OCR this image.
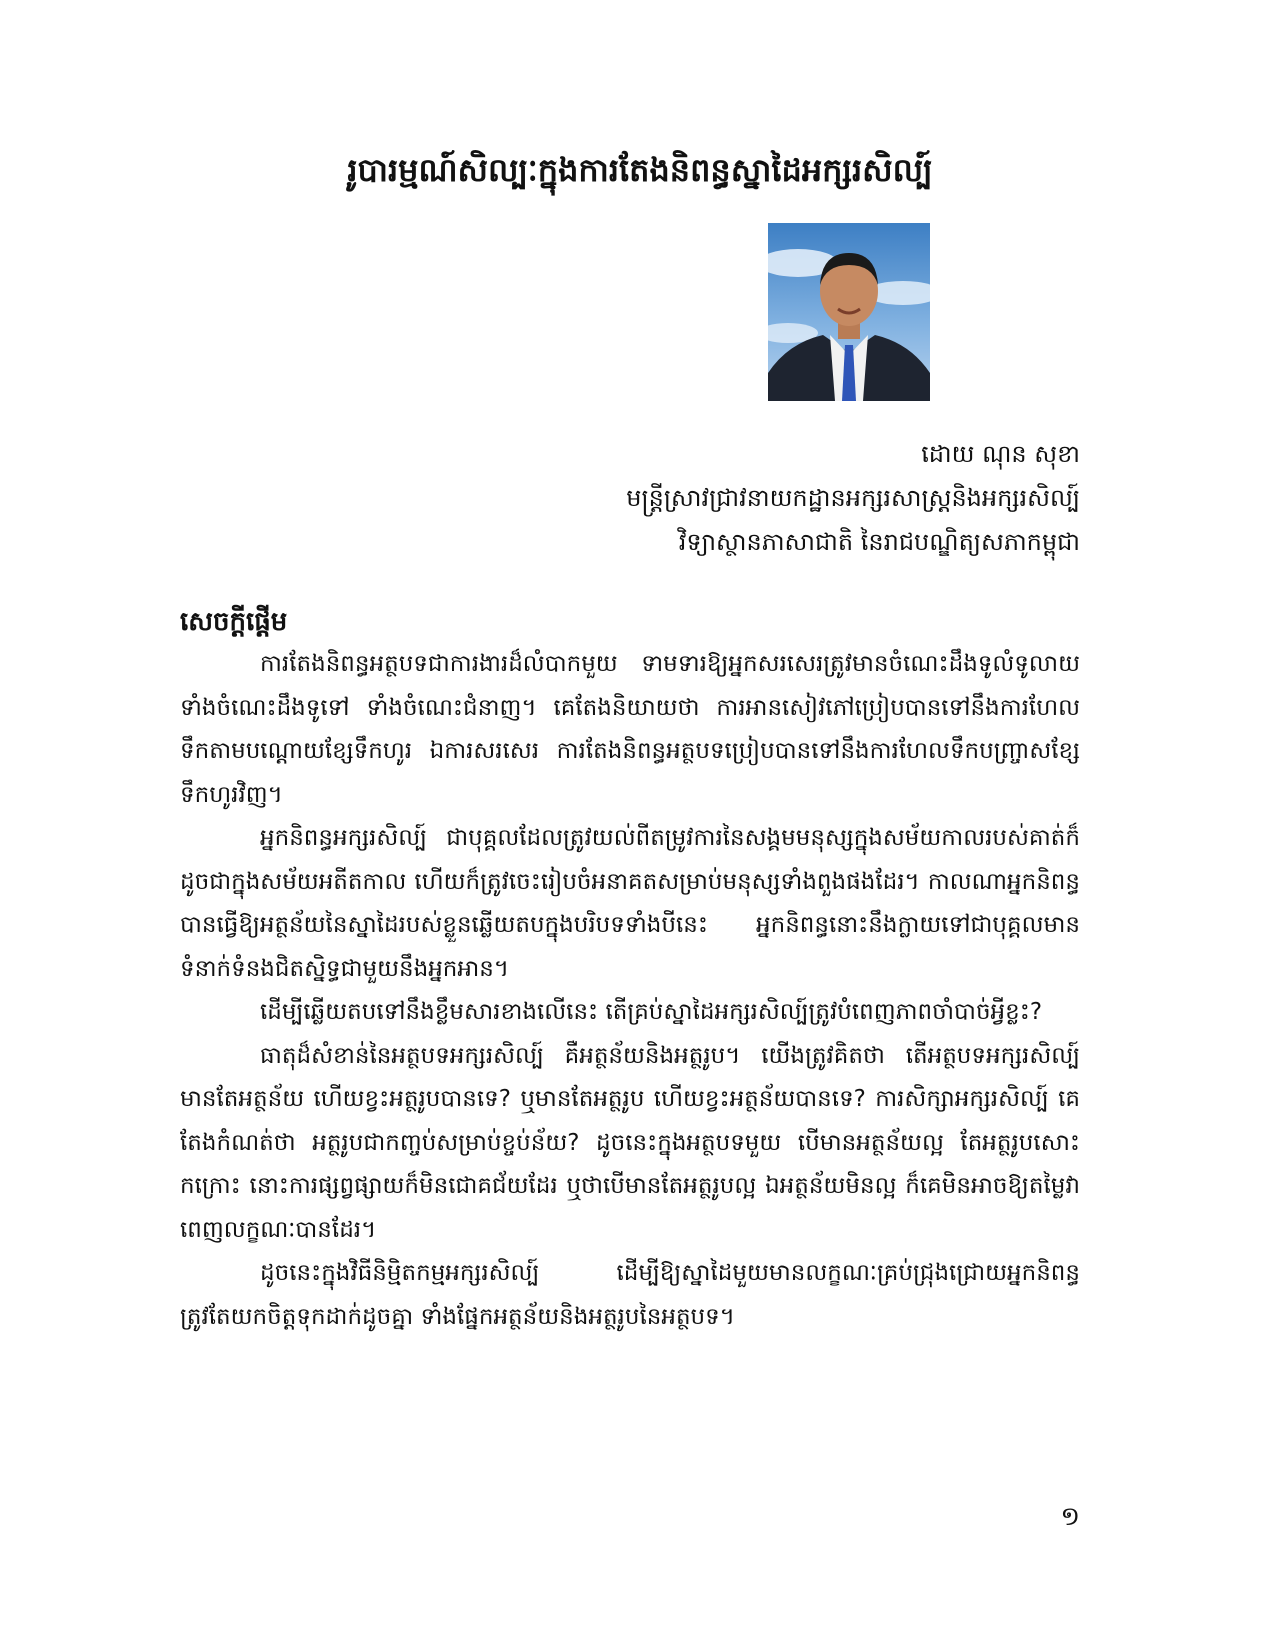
រូបារម្មណ៍សិល្បៈក្នុងការតែងនិពន្ធស្នាដៃអក្សរសិល្ប៍
ដោយ ណុន សុខា
មន្ត្រីស្រាវជ្រាវនាយកដ្ឋានអក្សរសាស្ត្រនិងអក្សរសិល្ប៍
វិទ្យាស្ថានភាសាជាតិ នៃរាជបណ្ឌិត្យសភាកម្ពុជា
សេចក្ដីផ្ដើម

ការតែងនិពន្ធអត្ថបទជាការងារដ៏លំបាកមួយ ទាមទារឱ្យអ្នកសរសេរត្រូវមានចំណេះដឹងទូលំទូលាយទាំងចំណេះដឹងទូទៅ ទាំងចំណេះជំនាញ។ គេតែងនិយាយថា ការអានសៀវភៅប្រៀបបានទៅនឹងការហែលទឹកតាមបណ្ដោយខ្សែទឹកហូរ ឯការសរសេរ ការតែងនិពន្ធអត្ថបទប្រៀបបានទៅនឹងការហែលទឹកបញ្ច្រាសខ្សែទឹកហូរវិញ។

អ្នកនិពន្ធអក្សរសិល្ប៍ ជាបុគ្គលដែលត្រូវយល់ពីតម្រូវការនៃសង្គមមនុស្សក្នុងសម័យកាលរបស់គាត់ក៏ដូចជាក្នុងសម័យអតីតកាល ហើយក៏ត្រូវចេះរៀបចំអនាគតសម្រាប់មនុស្សទាំងពួងផងដែរ។ កាលណាអ្នកនិពន្ធបានធ្វើឱ្យអត្ថន័យនៃស្នាដៃរបស់ខ្លួនឆ្លើយតបក្នុងបរិបទទាំងបីនេះ អ្នកនិពន្ធនោះនឹងក្លាយទៅជាបុគ្គលមានទំនាក់ទំនងជិតស្និទ្ធជាមួយនឹងអ្នកអាន។

ដើម្បីឆ្លើយតបទៅនឹងខ្លឹមសារខាងលើនេះ តើគ្រប់ស្នាដៃអក្សរសិល្ប៍ត្រូវបំពេញភាពចាំបាច់អ្វីខ្លះ?

ធាតុដ៏សំខាន់នៃអត្ថបទអក្សរសិល្ប៍ គឺអត្ថន័យនិងអត្ថរូប។ យើងត្រូវគិតថា តើអត្ថបទអក្សរសិល្ប៍មានតែអត្ថន័យ ហើយខ្វះអត្ថរូបបានទេ? ឬមានតែអត្ថរូប ហើយខ្វះអត្ថន័យបានទេ? ការសិក្សាអក្សរសិល្ប៍ គេតែងកំណត់ថា អត្ថរូបជាកញ្ចប់សម្រាប់ខ្ចប់ន័យ? ដូចនេះក្នុងអត្ថបទមួយ បើមានអត្ថន័យល្អ តែអត្ថរូបសោះកក្រោះ នោះការផ្សព្វផ្សាយក៏មិនជោគជ័យដែរ ឬថាបើមានតែអត្ថរូបល្អ ឯអត្ថន័យមិនល្អ ក៏គេមិនអាចឱ្យតម្លៃវាពេញលក្ខណៈបានដែរ។

ដូចនេះក្នុងវិធីនិម្មិតកម្មអក្សរសិល្ប៍ ដើម្បីឱ្យស្នាដៃមួយមានលក្ខណៈគ្រប់ជ្រុងជ្រោយអ្នកនិពន្ធត្រូវតែយកចិត្តទុកដាក់ដូចគ្នា ទាំងផ្នែកអត្ថន័យនិងអត្ថរូបនៃអត្ថបទ។

១
